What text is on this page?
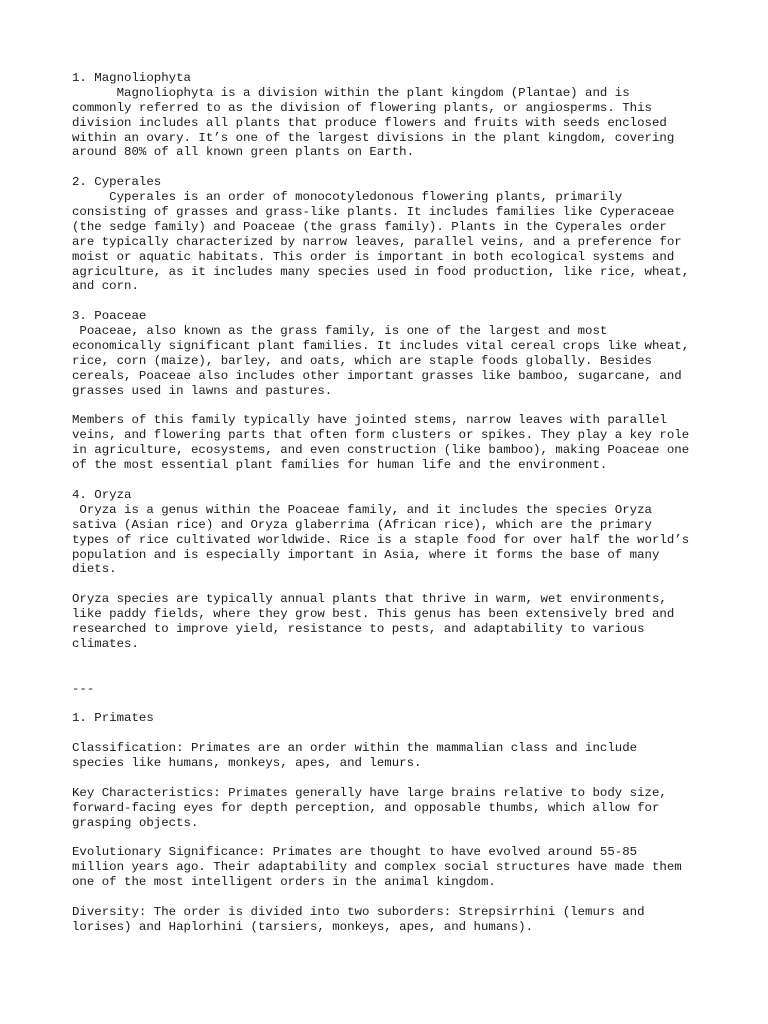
1. Magnoliophyta
Magnoliophyta is a division within the plant kingdom (Plantae) and is
commonly referred to as the division of flowering plants, or angiosperms. This
division includes all plants that produce flowers and fruits with seeds enclosed
within an ovary. It’s one of the largest divisions in the plant kingdom, covering
around 80% of all known green plants on Earth.
2. Cyperales
Cyperales is an order of monocotyledonous flowering plants, primarily
consisting of grasses and grass-like plants. It includes families like Cyperaceae
(the sedge family) and Poaceae (the grass family). Plants in the Cyperales order
are typically characterized by narrow leaves, parallel veins, and a preference for
moist or aquatic habitats. This order is important in both ecological systems and
agriculture, as it includes many species used in food production, like rice, wheat,
and corn.
3. Poaceae
Poaceae, also known as the grass family, is one of the largest and most
economically significant plant families. It includes vital cereal crops like wheat,
rice, corn (maize), barley, and oats, which are staple foods globally. Besides
cereals, Poaceae also includes other important grasses like bamboo, sugarcane, and
grasses used in lawns and pastures.
Members of this family typically have jointed stems, narrow leaves with parallel
veins, and flowering parts that often form clusters or spikes. They play a key role
in agriculture, ecosystems, and even construction (like bamboo), making Poaceae one
of the most essential plant families for human life and the environment.
4. Oryza
Oryza is a genus within the Poaceae family, and it includes the species Oryza
sativa (Asian rice) and Oryza glaberrima (African rice), which are the primary
types of rice cultivated worldwide. Rice is a staple food for over half the world’s
population and is especially important in Asia, where it forms the base of many
diets.
Oryza species are typically annual plants that thrive in warm, wet environments,
like paddy fields, where they grow best. This genus has been extensively bred and
researched to improve yield, resistance to pests, and adaptability to various
climates.
---
1. Primates
Classification: Primates are an order within the mammalian class and include
species like humans, monkeys, apes, and lemurs.
Key Characteristics: Primates generally have large brains relative to body size,
forward-facing eyes for depth perception, and opposable thumbs, which allow for
grasping objects.
Evolutionary Significance: Primates are thought to have evolved around 55-85
million years ago. Their adaptability and complex social structures have made them
one of the most intelligent orders in the animal kingdom.
Diversity: The order is divided into two suborders: Strepsirrhini (lemurs and
lorises) and Haplorhini (tarsiers, monkeys, apes, and humans).
